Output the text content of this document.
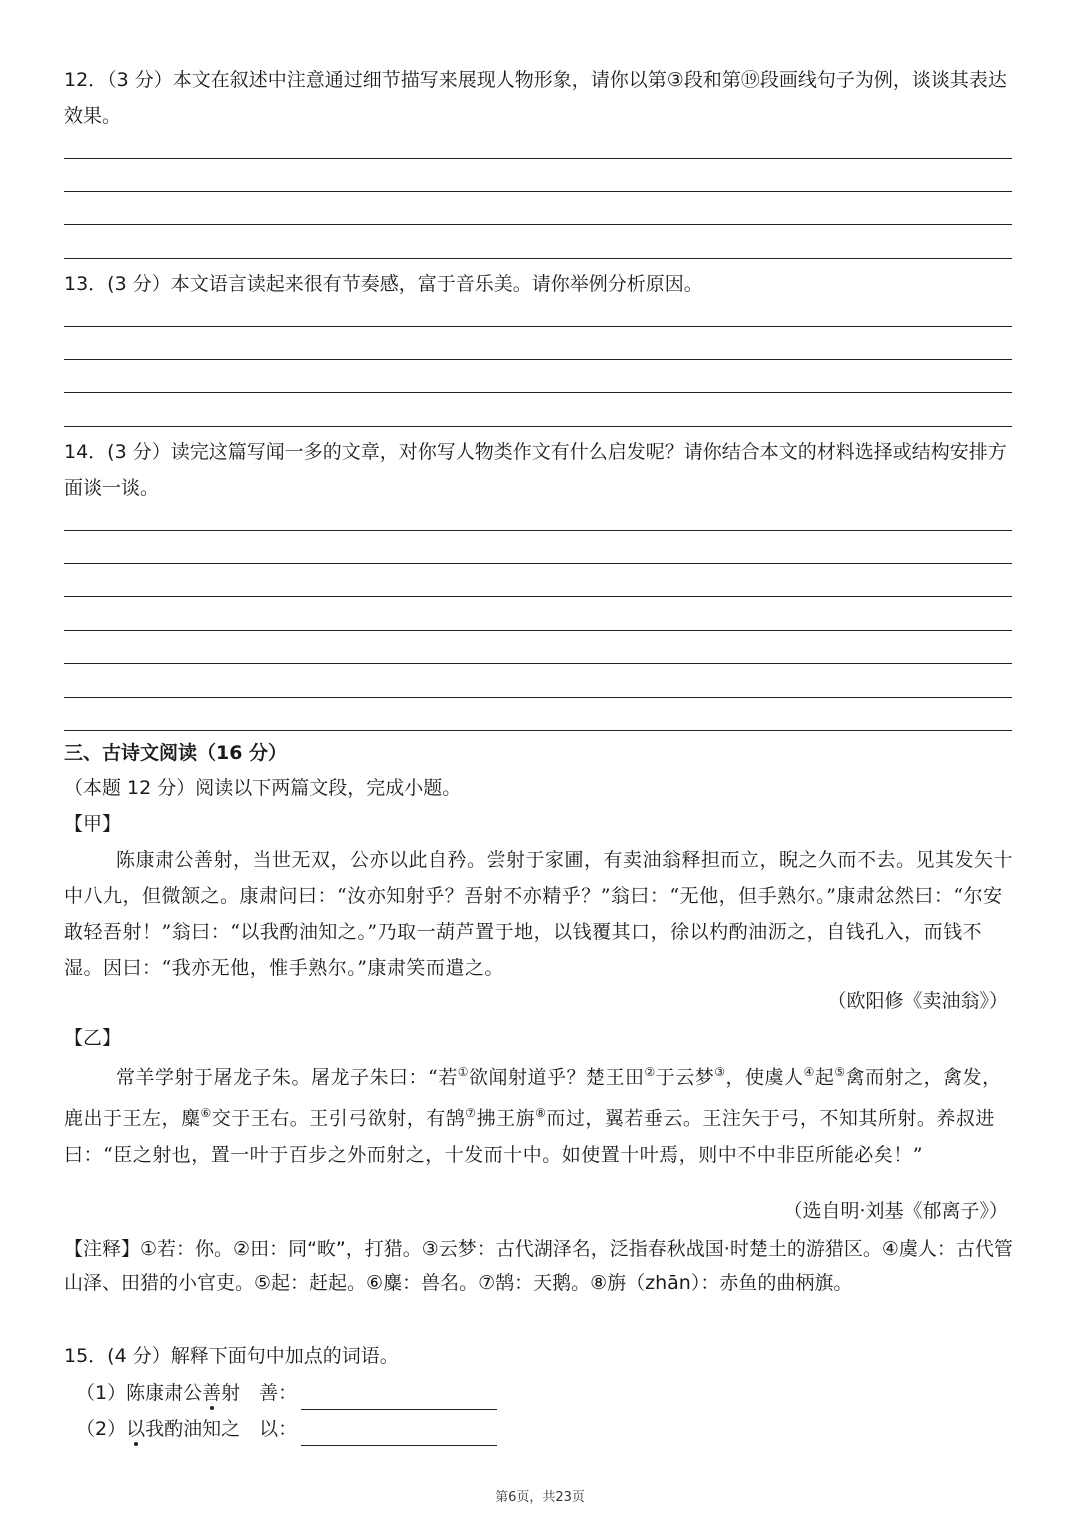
12．（3 分）本文在叙述中注意通过细节描写来展现人物形象，请你以第③段和第⑲段画线句子为例，谈谈其表达效果。
13．(3 分）本文语言读起来很有节奏感，富于音乐美。请你举例分析原因。
14．(3 分）读完这篇写闻一多的文章，对你写人物类作文有什么启发呢？请你结合本文的材料选择或结构安排方面谈一谈。
三、古诗文阅读（16 分）
（本题 12 分）阅读以下两篇文段，完成小题。
【甲】
陈康肃公善射，当世无双，公亦以此自矜。尝射于家圃，有卖油翁释担而立，睨之久而不去。见其发矢十中八九，但微颔之。康肃问曰：“汝亦知射乎？吾射不亦精乎？”翁曰：“无他，但手熟尔。”康肃忿然曰：“尔安敢轻吾射！”翁曰：“以我酌油知之。”乃取一葫芦置于地，以钱覆其口，徐以杓酌油沥之，自钱孔入，而钱不湿。因曰：“我亦无他，惟手熟尔。”康肃笑而遣之。
（欧阳修《卖油翁》）
【乙】
常羊学射于屠龙子朱。屠龙子朱曰：“若①欲闻射道乎？楚王田②于云梦③，使虞人④起⑤禽而射之，禽发，鹿出于王左，麋⑥交于王右。王引弓欲射，有鹄⑦拂王旃⑧而过，翼若垂云。王注矢于弓，不知其所射。养叔进曰：“臣之射也，置一叶于百步之外而射之，十发而十中。如使置十叶焉，则中不中非臣所能必矣！”
（选自明·刘基《郁离子》）
【注释】①若：你。②田：同“畋”，打猎。③云梦：古代湖泽名，泛指春秋战国·时楚土的游猎区。④虞人：古代管山泽、田猎的小官吏。⑤起：赶起。⑥麋：兽名。⑦鹄：天鹅。⑧旃（zhān）：赤鱼的曲柄旗。
15．(4 分）解释下面句中加点的词语。
（1）陈康肃公善射　善：
（2）以我酌油知之　以：
第6页，共23页
